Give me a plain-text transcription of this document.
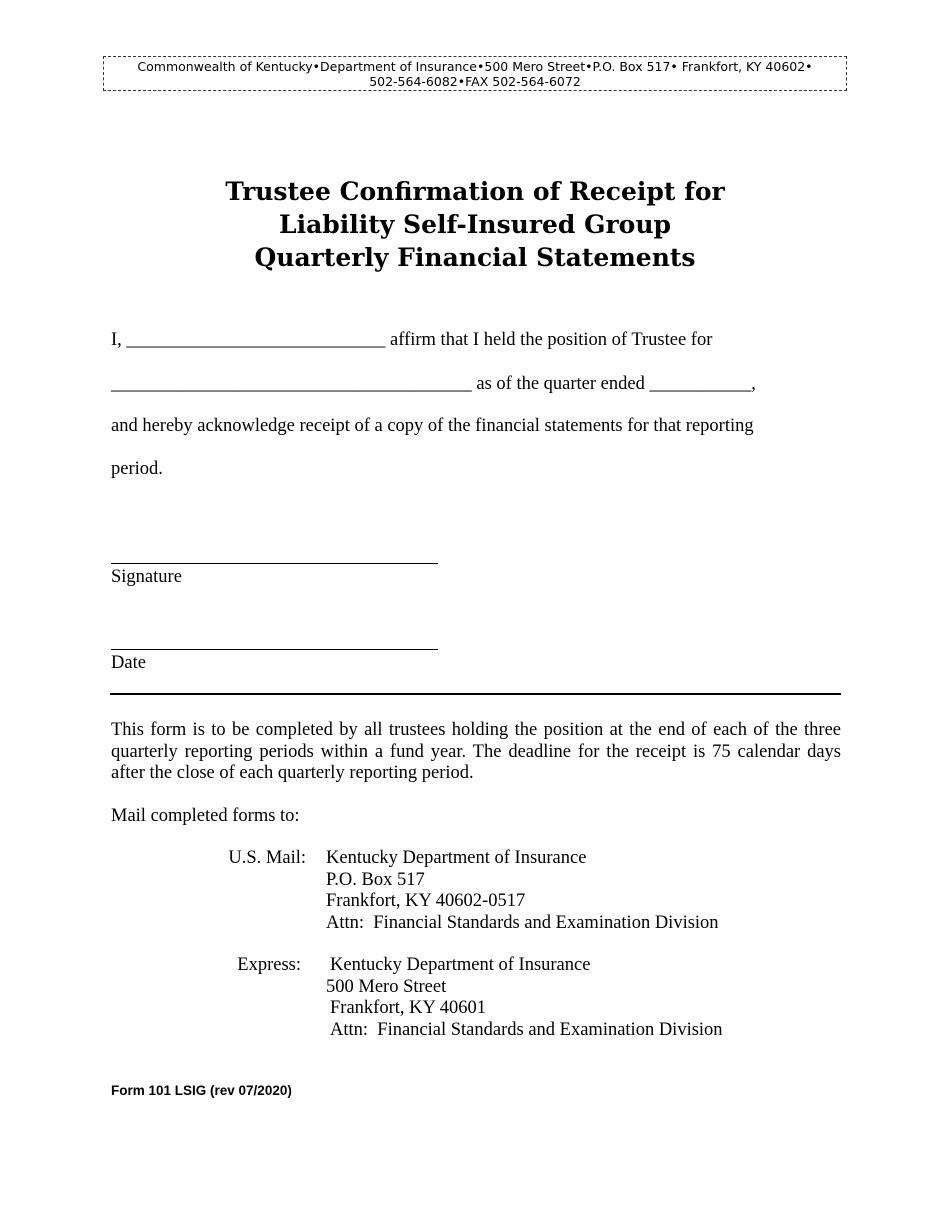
Commonwealth of Kentucky•Department of Insurance•500 Mero Street•P.O. Box 517• Frankfort, KY 40602•
502-564-6082•FAX 502-564-6072
Trustee Confirmation of Receipt for
Liability Self-Insured Group
Quarterly Financial Statements
I, ____________________________ affirm that I held the position of Trustee for
_______________________________________ as of the quarter ended ___________,
and hereby acknowledge receipt of a copy of the financial statements for that reporting
period.
Signature
Date
This form is to be completed by all trustees holding the position at the end of each of the three quarterly reporting periods within a fund year. The deadline for the receipt is 75 calendar days after the close of each quarterly reporting period.
Mail completed forms to:
U.S. Mail: Kentucky Department of Insurance
P.O. Box 517
Frankfort, KY 40602-0517
Attn:  Financial Standards and Examination Division
Express: Kentucky Department of Insurance
500 Mero Street
Frankfort, KY 40601
Attn:  Financial Standards and Examination Division
Form 101 LSIG (rev 07/2020)
